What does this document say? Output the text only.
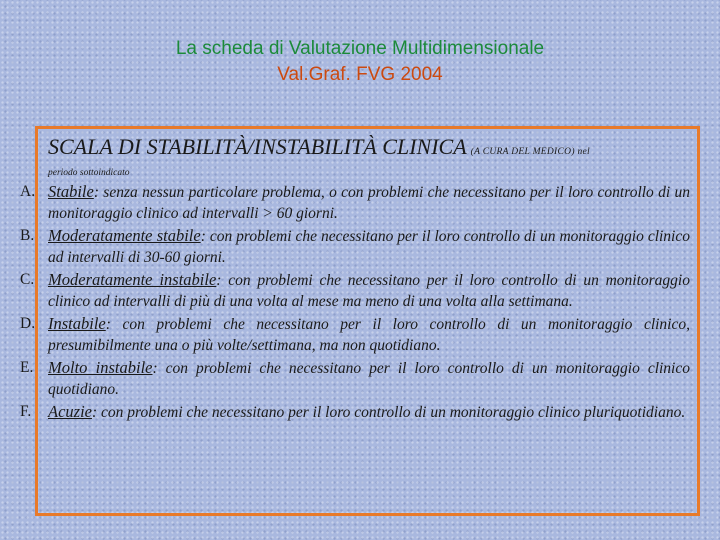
La scheda di Valutazione Multidimensionale
Val.Graf. FVG 2004
SCALA DI STABILITÀ/INSTABILITÀ CLINICA (A CURA DEL MEDICO) nel
periodo sottoindicato
A. Stabile: senza nessun particolare problema, o con problemi che necessitano per il loro controllo di un monitoraggio clinico ad intervalli > 60 giorni.
B. Moderatamente stabile: con problemi che necessitano per il loro controllo di un monitoraggio clinico ad intervalli di 30-60 giorni.
C. Moderatamente instabile: con problemi che necessitano per il loro controllo di un monitoraggio clinico ad intervalli di più di una volta al mese ma meno di una volta alla settimana.
D. Instabile: con problemi che necessitano per il loro controllo di un monitoraggio clinico, presumibilmente una o più volte/settimana, ma non quotidiano.
E. Molto instabile: con problemi che necessitano per il loro controllo di un monitoraggio clinico quotidiano.
F. Acuzie: con problemi che necessitano per il loro controllo di un monitoraggio clinico pluriquotidiano.
